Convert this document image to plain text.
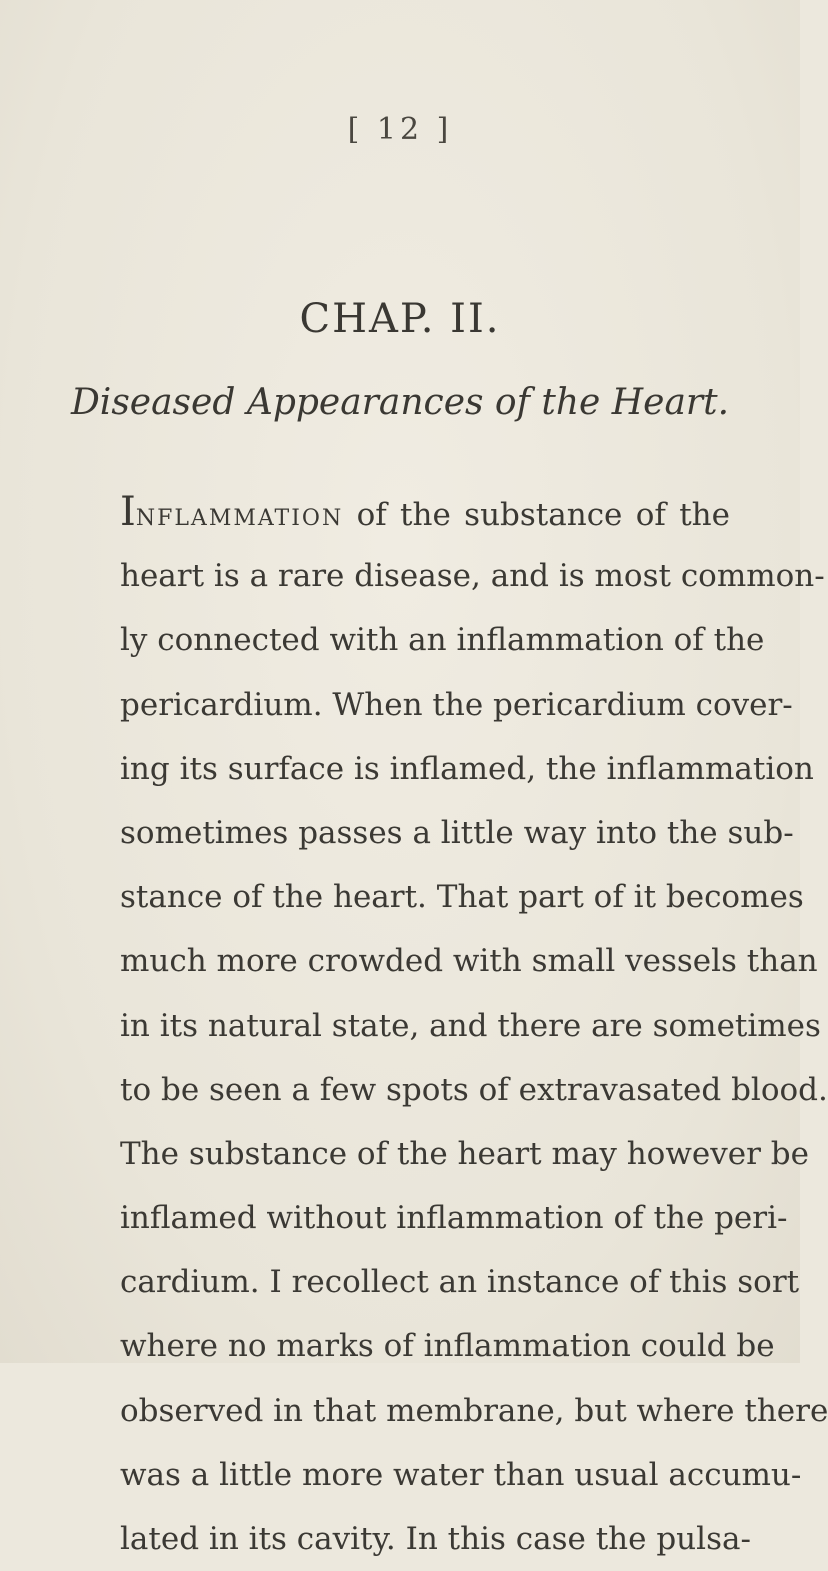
[ 12 ]
CHAP. II.
Diseased Appearances of the Heart.
INFLAMMATION of the substance of the
heart is a rare disease, and is most common-
ly connected with an inflammation of the
pericardium. When the pericardium cover-
ing its surface is inflamed, the inflammation
sometimes passes a little way into the sub-
stance of the heart. That part of it becomes
much more crowded with small vessels than
in its natural state, and there are sometimes
to be seen a few spots of extravasated blood.
The substance of the heart may however be
inflamed without inflammation of the peri-
cardium. I recollect an instance of this sort
where no marks of inflammation could be
observed in that membrane, but where there
was a little more water than usual accumu-
lated in its cavity. In this case the pulsa-
